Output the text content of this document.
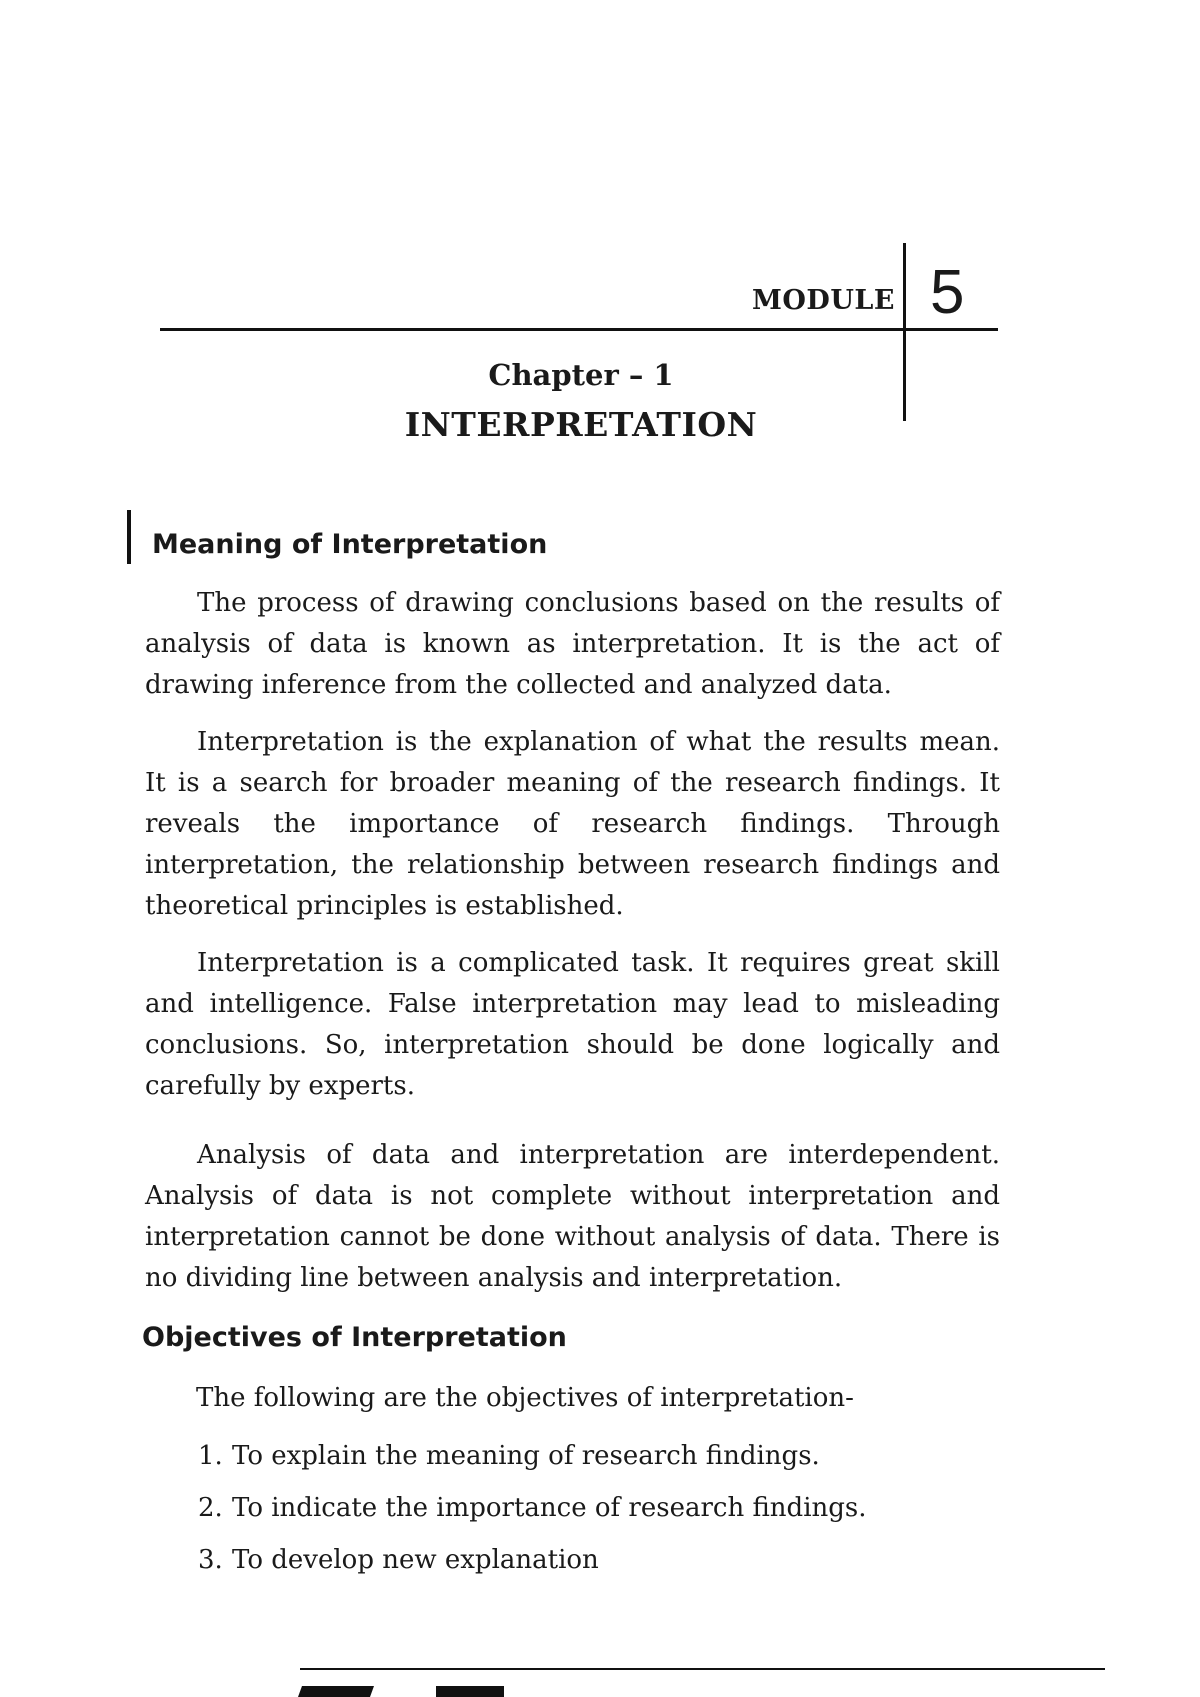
MODULE 5
Chapter – 1
INTERPRETATION
Meaning of Interpretation

The process of drawing conclusions based on the results of analysis of data is known as interpretation. It is the act of drawing inference from the collected and analyzed data.

Interpretation is the explanation of what the results mean. It is a search for broader meaning of the research findings. It reveals the importance of research findings. Through interpretation, the relationship between research findings and theoretical principles is established.

Interpretation is a complicated task. It requires great skill and intelligence. False interpretation may lead to misleading conclusions. So, interpretation should be done logically and carefully by experts.

Analysis of data and interpretation are interdependent. Analysis of data is not complete without interpretation and interpretation cannot be done without analysis of data. There is no dividing line between analysis and interpretation.

Objectives of Interpretation

The following are the objectives of interpretation-

1. To explain the meaning of research findings.
2. To indicate the importance of research findings.
3. To develop new explanation
